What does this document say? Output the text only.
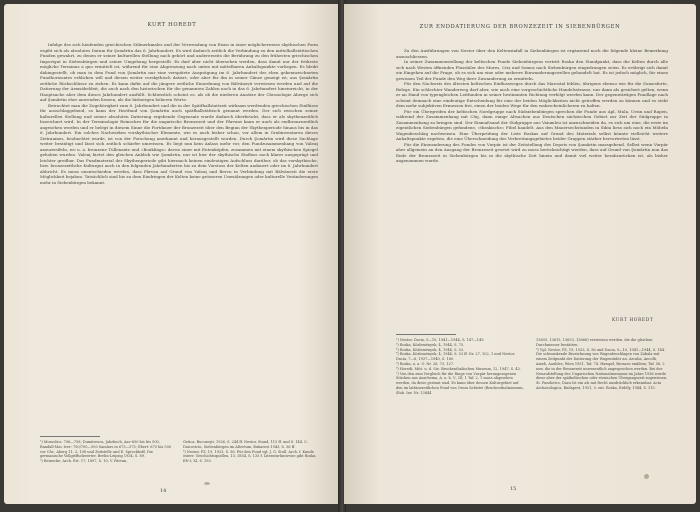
KURT HOREDT

Infolge des sich häufenden griechischen Stilmerkmales und der Verwendung von Eisen in einer möglicherweise skythischen Form ergibt sich als absolutes Datum für Şomârtin das 6. Jahrhundert. Es wird dadurch zeitlich die Verbindung zu den mittelhallstättischen Funden gewahrt, zu denen er seiner kulturellen Stellung nach gehört und andererseits die Berührung zu den frühesten griechischen Importgut in Siebenbürgen und seiner Umgebung hergestellt. Es darf aber nicht übersehen werden, dass damit nur der früheste mögliche Terminus a quo ermittelt ist, während für eine Abgrenzung nach unten mit mittelbaren Anhaltspunkte vorliegen. Es bleibt dahingestellt, ob man in dem Fund von Şomârtin nur eine verspätete Ausprägung im 6. Jahrhundert des eben gekennzeichneten Fundhorizontes erblicken will und diesen weiter vorskythisch datiert, oder aber für ihn in seiner Gänze geneigt ist, aus Şomârtin zeitliche Rückschlüsse zu ziehen. Es kann dafür auf die jüngere zeitliche Einordnung von Bălvănești verwiesen werden und auf die Datierung der Armsäbeldeit, die auch nach den historischen für die genannten Zahlen noch in das 6. Jahrhundert hineinreicht, in der Hauptsache aber dem dieses Jahrhundert ausfüllt. Schliesslich scheint es, als ob die niederen Ansätze der Chronologie Aberge sich auf Şomârtin eher anwenden liessen, als die bisherigen höheren Werte.

Betrachtet man die Zugehörigkeit zum 6. Jahrhundert und die in der Spätfhallstattzeit wirksam werdenden griechischen Einflüsse für ausschlaggebend, so kann der Hortfund von Şomârtin auch spätfhallstättisch genannt werden. Der sich zwischen seiner kulturellen Stellung und seiner absoluten Datierung ergebende Gegensatz wurde dadurch überbrückt, dass er als skythenzeitlich bezeichnet wird. In der Terminologie Reineckes für die ungarische Bronzezeit und der Pârvans kann er auch als endbronzezeitlich angesehen werden und er belegt in diesem Sinne die Fortdauer der Bronzezeit über den Beginn der Skythenperiode hinaus bis in das 6. Jahrhundert. Ein solches Nachwirken vorskythischer Elemente, wie es auch bisher schon, vor allem in Grabinventaren dieses Zeitraumes, beobachtet wurde, ist von der Forschung anerkannt und herausgestellt worden. Durch Şomârtin wird diese Sachlage weiter bestätigt und lässt sich zeitlich schärfer umreissen. Es liegt nun kein Anlass mehr vor, den Fundzusammenhang von Valeaţ anzuzweifeln, wo u. a. bronzene Tüllenaxte und »Bouklings« davon einer mit Entenköpfen, zusammen mit einem skythischen Spiegel gehoben wurden. Valeaţ bietet den gleichen Anblick wie Şomârtin, nur ist hier der skythische Einfluss noch klarer ausgeprägt und leichter greifbar. Das Fundmaterial der Skythenperiode gibt hiermach keinen eindeutigen Aufschluss darüber, ob das vorskythische, bzw. bronzezeitliche Kulturgut auch in den folgenden Jahrhunderten bis zu dem Vorstoss der Kelten andauert oder im 6. Jahrhundert abbricht. Es muss unentschieden werden, dass Pârvan auf Grund von Valeaţ und Bercu in Verbindung mit Bălvănești die erste Möglichkeit bejahen. Tatsächlich sind bis zu dem Eindringen der Kelten keine grösseren Umwälzungen oder kulturelle Veränderungen mehr in Siebenbürgen bekannt.

¹) Mozsolics: 756—758; Dumitrescu, Jahrbuch, Aav-650 bis bis 500, Randall-Mac Iver: 750/700—500 Sandars in 675—575; Ebert: 675 bis 500 vor Chr., Aberg 11, 3, 108 und Zeitstelle und E. Sprockhoff, Die germanische Vollgriffschwerter, Berlin-Leipzig 1934, S. 89.
²) Reinecke, Arch. Ért. 17, 1897, S. 10, V. Pârvan,
Getica, Bucureşti, 1926, S. 244 ff. Nestor, Stand, 115 ff. und S. 144, C. Daicoviciu, Siebenbürgen im Altertum, Bukarest 1943, S. 36 ff.
³) Nestor, PZ, 19, 1933, S. 56. Für den Fund vgl. J. G. Stoll, Arch. f. Kunde österr. Geschichtsquellen, 13, 1854, S. 135 f. Literaturhinweise gibt Roska, EN-t, XI, S. 193.
14
ZUR ENDDATIERUNG DER BRONZEZEIT IN SIEBENBÜRGEN

Zu den Ausführungen von Nestor über den Keltenzinfall in Siebenbürgen ist ergänzend noch die folgende kleine Bemerkung anzuschliessen.

In seiner Zusammenstellung der keltischen Funde Siebenbürgens vertritt Roska den Standpunkt, dass die Kelten durch alle sich nach Westen öffnenden Flusstäler des Mures, Criș und Someș nach Siebenbürgen eingedrungen seien. Es erübrigt sich damit ein Eingehen auf die Frage, ob es sich um eine oder mehrere Einwanderungswellen gehandelt hat. Es ist jedoch möglich, für einen gewissen Teil der Funde den Weg ihrer Zuwanderung zu ermitteln.

Für den Nachweis des ältesten keltischen Einflussweges durch das Marostal fehlen, übrigens ebenso wie für die Somesfurte, Belege. Ein schlechter Wanderweg darf aber, wie auch eine vorgeschichtliche Handelsstrasse, nur dann als gesichert gelten, wenn er an Hand von typengleichen Leitfunden in seiner bestimmten Richtung verfolgt werden kann. Der gegenwärtigen Fundlage nach scheint demnach eine eindeutige Entscheidung für eine der beiden Möglichkeiten nicht getroffen werden zu können und es steht dem mehr subjektiven Ermessen frei, einen der beiden Wege für den wahrscheinlicheren zu halten.

Für ein Übergreifen der keltischen Nordgruppe nach Südsiebenbürgen sprechen die Funde aus Apl, Mula, Ursin und Rapen, während der Zusammenhang mit Cluj, dann einige Altsachen aus Deutschen sächsischen Gebiet zur Zeit der Südgruppe in Zusammenhang zu bringen sind. Der Einmaßsand der Südgruppe aus Vaiumleu ist anzuschneiden da, es sich um eine, die erste im eigentlichen Siebenbürgen gefundene, »thrakische« Fibel handelt. Aus den Mauersechstunden in Sibiu liess sich noch ein Möbeln Wagenbeschlag nachweisen. Eine Überprüfung der Liste Roskas auf Grund des Materials selbst könnte vielleicht weitere Anhaltspunkte ergeben, die eine Überschneidung des Verbreitungsgebietes beider Gruppen stärker hervortreten lässt.

Für die Einwanderung des Fundes von Vurpăr ist der Zeitstellung des Depots von Şomârtin massgebend. Selbst wenn Vurpăr aber allgemein an den Ausgang der Bronzezeit gesetzt wird zu muss berücksichtigt werden, dass auf Grund von Şomârtin nun das Ende der Bronzezeit in Siebenbürgen bis in die skythische Zeit hinein und damit viel weiter herabzurücken ist, als bisher angenommen wurde.

KURT HOREDT
¹) Nestor, Dacia, 9—10, 1941—1944, S. 147—149.
²) Roska, Közlemények, 4, 1944, S. 75.
³) Roska, Közlemények, 4, 1944, S. 53.
⁴) Roska, Közlemények, 4, 1944, S. 53 ff. Nr. 27, 102, 1 und Nestor, Dacia, 7—8, 1937—1940, S. 180.
⁵) Roska, a. a. O. Nr. 28, 73, 127.
⁶) Horedt, Mitt. u. d. Sie. Bruckenthalischen Museum, 12, 1947, S. 43.
⁷) Von den zum Vergleich für die Ringe von Vurpăr herangezogenen Stücken aus Anschema, A. u. h. V., III, 1 Taf. 2, 1 muss abgesehen werden, da diese gestaut sind. Es kann über dessen Kulturgebiet auf den im lattänezeitlichen Fund von Orsza Sebistei (Bruckenthalmuseum, Slub. Inv. Nr. 13844
13605, 13615, 13653, 13666) verwiesen werden, die die gleichen Durchmesser bestätten.
⁸) Vgl. Nestor, PZ, 19, 1933, S. 56 und Dacia, 9—10, 1941—1944, S. 144. Die schwankende Bezeichnung von Wagenbeschlagen von Zabala mit einem Zeitpunkt der Datierung der Wagenräder an. Arcalia, Ancolb, Ameh, Aonbles, Wien 1951, Taf. 74. Hampel, Bronzes emblem; Taf. 58, 2 usw. die in der Bronzezeit unwesentlich angesprochen werden. Bei der Neuaufstellung des Ungarischen Nationalmuseums im Jahre 1936 wurde diese aber der spätkeltischen oder römischen Übergangszeit zugewiesen. St. Pandovics, Dazu Ist ein als mit Recht ausdrücklich erkennbar. Acta Archaeologica, Budapest, 1951, 5. ent. Roska, Erdély, 1944, S. 113.
15
